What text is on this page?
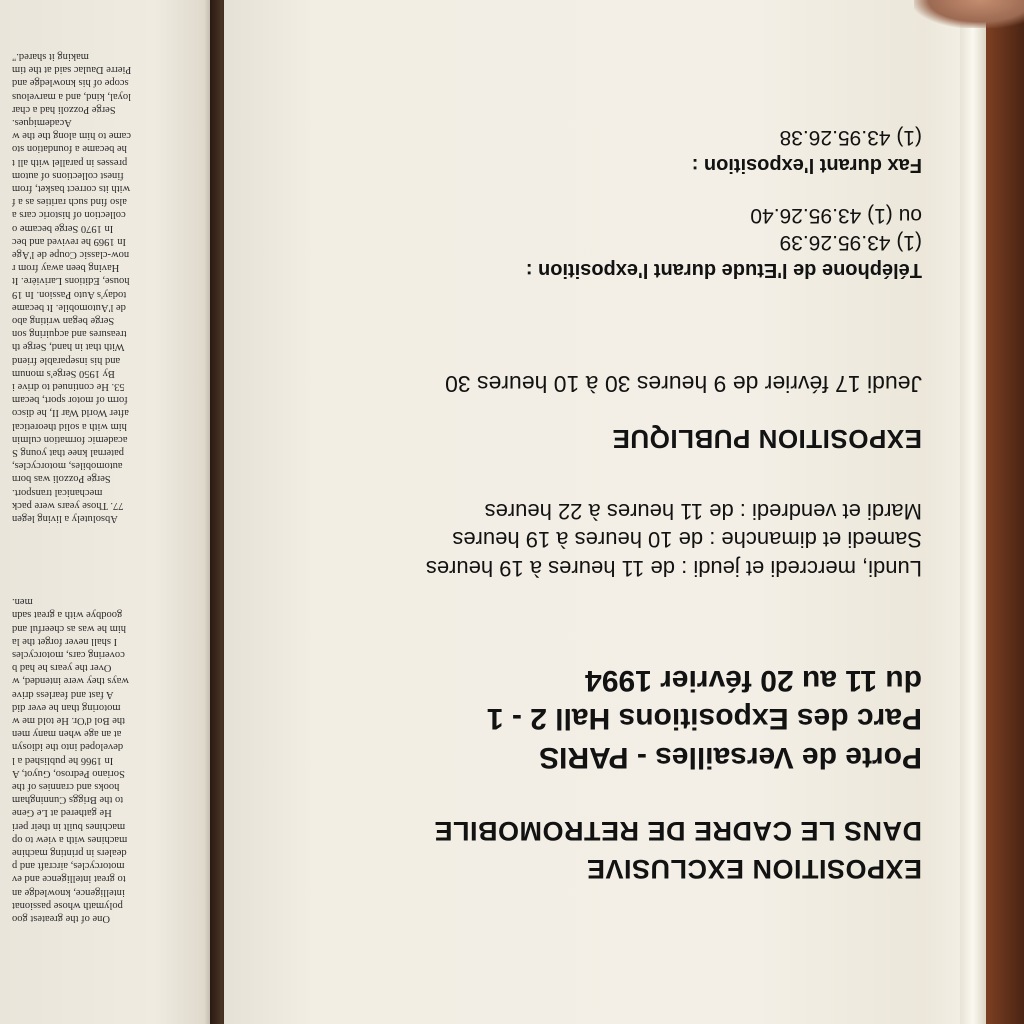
One of the greatest goo
polymath whose passionat
intelligence, knowledge an
to great intelligence and ev
motorcycles, aircraft and p
dealers in printing machine
machines with a view to op
machines built in their peri
He gathered at Le Gene
to the Briggs Cunningham
hooks and crannies of the
Soriano Pedroso, Guyot, A
In 1966 he published a l
developed into the idiosyn
at an age when many men
the Bol d'Or. He told me w
motoring than he ever did
A fast and fearless drive
ways they were intended, w
Over the years he had b
covering cars, motorcycles
I shall never forget the la
him he was as cheerful and
goodbye with a great sadn
men.
Absolutely a living legen
77. Those years were pack
mechanical transport.
Serge Pozzoli was born
automobiles, motorcycles,
paternal knee that young S
academic formation culmin
him with a solid theoretical
after World War II, he disco
form of motor sport, becam
53. He continued to drive i
By 1950 Serge's monum
and his inseparable friend
With that in hand, Serge th
treasures and acquiring son
Serge began writing abo
de l'Automobile. It became
today's Auto Passion. In 19
house, Editions Larivière. It
Having been away from r
now-classic Coupe de l'Age
In 1969 he revived and bec
In 1970 Serge became o
collection of historic cars a
also find such rarities as a f
with its correct basket, from
finest collections of autom
presses in parallel with all t
he became a foundation sto
came to him along the the w
Academiques.
Serge Pozzoli had a char
loyal, kind, and a marvelous
scope of his knowledge and
Pierre Daulac said at the tim
making it shared."
EXPOSITION EXCLUSIVE
DANS LE CADRE DE RETROMOBILE
Porte de Versailles - PARIS
Parc des Expositions Hall 2 - 1
du 11 au 20 février 1994
Lundi, mercredi et jeudi : de 11 heures à 19 heures
Samedi et dimanche : de 10 heures à 19 heures
Mardi et vendredi : de 11 heures à 22 heures
EXPOSITION PUBLIQUE
Jeudi 17 février de 9 heures 30 à 10 heures 30
Téléphone de l'Etude durant l'exposition :
(1) 43.95.26.39
ou (1) 43.95.26.40
Fax durant l'exposition :
(1) 43.95.26.38
